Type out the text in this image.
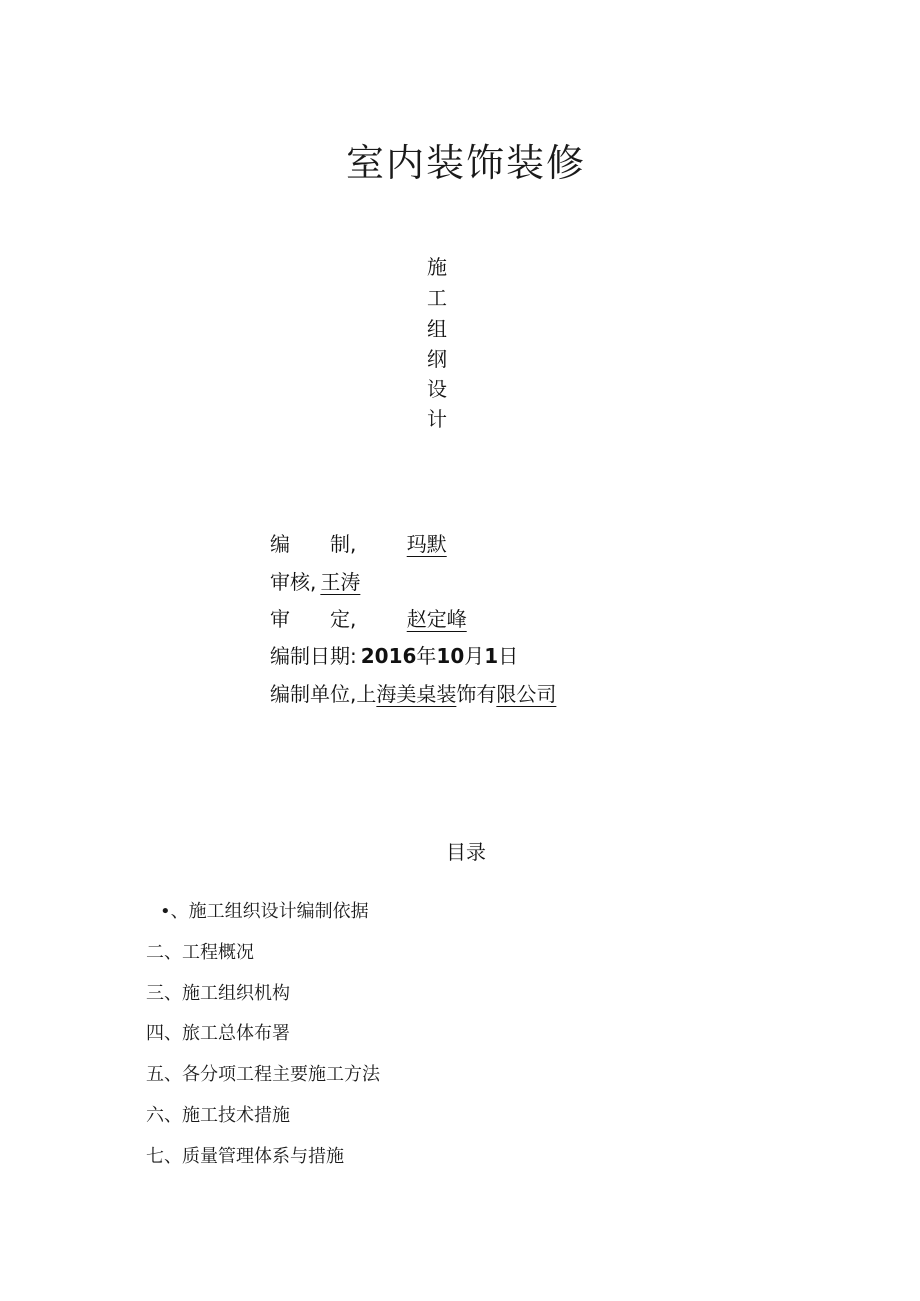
室内装饰装修
施
工
组
纲
设
计
编　　制,	玛默
审核, 王涛
审　　定,	赵定峰
编制日期: 2016年10月1日
编制单位,上海美桌装饰有限公司
目录
•、施工组织设计编制依据
二、工程概况
三、施工组织机构
四、旅工总体布署
五、各分项工程主要施工方法
六、施工技术措施
七、质量管理体系与措施
